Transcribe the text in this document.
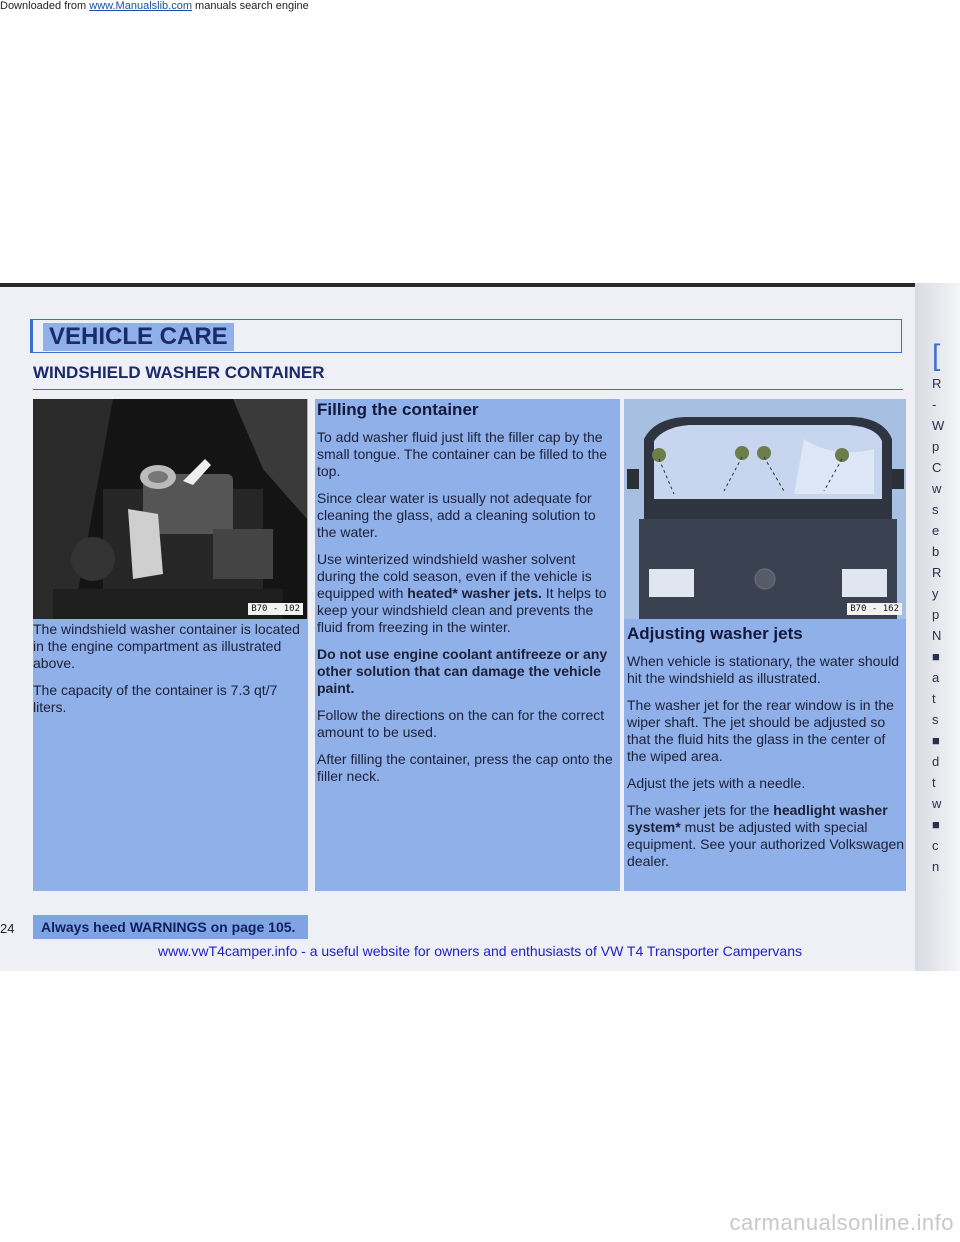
Downloaded from www.Manualslib.com manuals search engine
VEHICLE CARE
WINDSHIELD WASHER CONTAINER
B70 - 102	B70 - 162

The windshield washer container is located in the engine compartment as illustrated above.

The capacity of the container is 7.3 qt/7 liters.

Filling the container

To add washer fluid just lift the filler cap by the small tongue. The container can be filled to the top.

Since clear water is usually not adequate for cleaning the glass, add a cleaning solution to the water.

Use winterized windshield washer solvent during the cold season, even if the vehicle is equipped with heated* washer jets. It helps to keep your windshield clean and prevents the fluid from freezing in the winter.

Do not use engine coolant antifreeze or any other solution that can damage the vehicle paint.

Follow the directions on the can for the correct amount to be used.

After filling the container, press the cap onto the filler neck.

Adjusting washer jets

When vehicle is stationary, the water should hit the windshield as illustrated.

The washer jet for the rear window is in the wiper shaft. The jet should be adjusted so that the fluid hits the glass in the center of the wiped area.

Adjust the jets with a needle.

The washer jets for the headlight washer system* must be adjusted with special equipment. See your authorized Volkswagen dealer.

24	Always heed WARNINGS on page 105.
www.vwT4camper.info - a useful website for owners and enthusiasts of VW T4 Transporter Campervans
[
R
-
W
p
C
w
s
e
b
R
y
p
N
■
a
t
s
■
d
t
w
■
c
n
carmanualsonline.info
